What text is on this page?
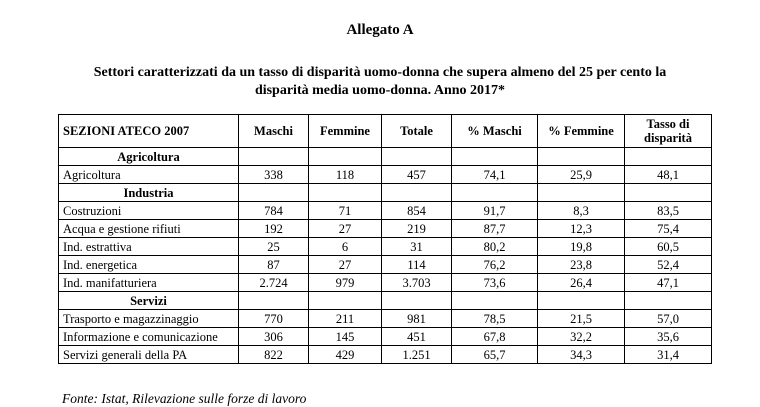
Allegato A

Settori caratterizzati da un tasso di disparità uomo-donna che supera almeno del 25 per cento la
disparità media uomo-donna. Anno 2017*

SEZIONI ATECO 2007	Maschi	Femmine	Totale	% Maschi	% Femmine	Tasso di disparità
Agricoltura						
Agricoltura	338	118	457	74,1	25,9	48,1
Industria						
Costruzioni	784	71	854	91,7	8,3	83,5
Acqua e gestione rifiuti	192	27	219	87,7	12,3	75,4
Ind. estrattiva	25	6	31	80,2	19,8	60,5
Ind. energetica	87	27	114	76,2	23,8	52,4
Ind. manifatturiera	2.724	979	3.703	73,6	26,4	47,1
Servizi						
Trasporto e magazzinaggio	770	211	981	78,5	21,5	57,0
Informazione e comunicazione	306	145	451	67,8	32,2	35,6
Servizi generali della PA	822	429	1.251	65,7	34,3	31,4

Fonte: Istat, Rilevazione sulle forze di lavoro
